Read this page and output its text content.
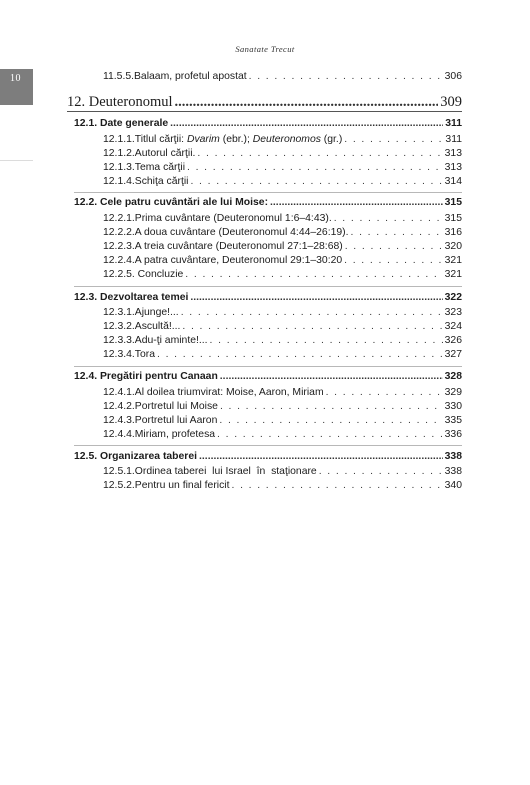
Sanatate Trecut
10	11.5.5.Balaam, profetul apostat . . .	306
12. Deuteronomul .....	309
12.1. Date generale .....	311
12.1.1.Titlul cărţii: Dvarim (ebr.); Deuteronomos (gr.) . . .	311
12.1.2.Autorul cărţii. . . .	313
12.1.3.Tema cărţii . . .	313
12.1.4.Schiţa cărţii . . .	314
12.2. Cele patru cuvântări ale lui Moise: .....	315
12.2.1.Prima cuvântare (Deuteronomul 1:6–4:43). . . .	315
12.2.2.A doua cuvântare (Deuteronomul 4:44–26:19). . . .	316
12.2.3.A treia cuvântare (Deuteronomul 27:1–28:68) . . .	320
12.2.4.A patra cuvântare, Deuteronomul 29:1–30:20 . . .	321
12.2.5. Concluzie . . .	321
12.3. Dezvoltarea temei .....	322
12.3.1.Ajunge!... . . .	323
12.3.2.Ascultă!... . . .	324
12.3.3.Adu-ţi aminte!... . . .	326
12.3.4.Tora . . .	327
12.4. Pregătiri pentru Canaan .....	328
12.4.1.Al doilea triumvirat: Moise, Aaron, Miriam . . .	329
12.4.2.Portretul lui Moise . . .	330
12.4.3.Portretul lui Aaron . . .	335
12.4.4.Miriam, profetesa . . .	336
12.5. Organizarea taberei .....	338
12.5.1.Ordinea taberei  lui Israel  în  staţionare . . .	338
12.5.2.Pentru un final fericit . . .	340
